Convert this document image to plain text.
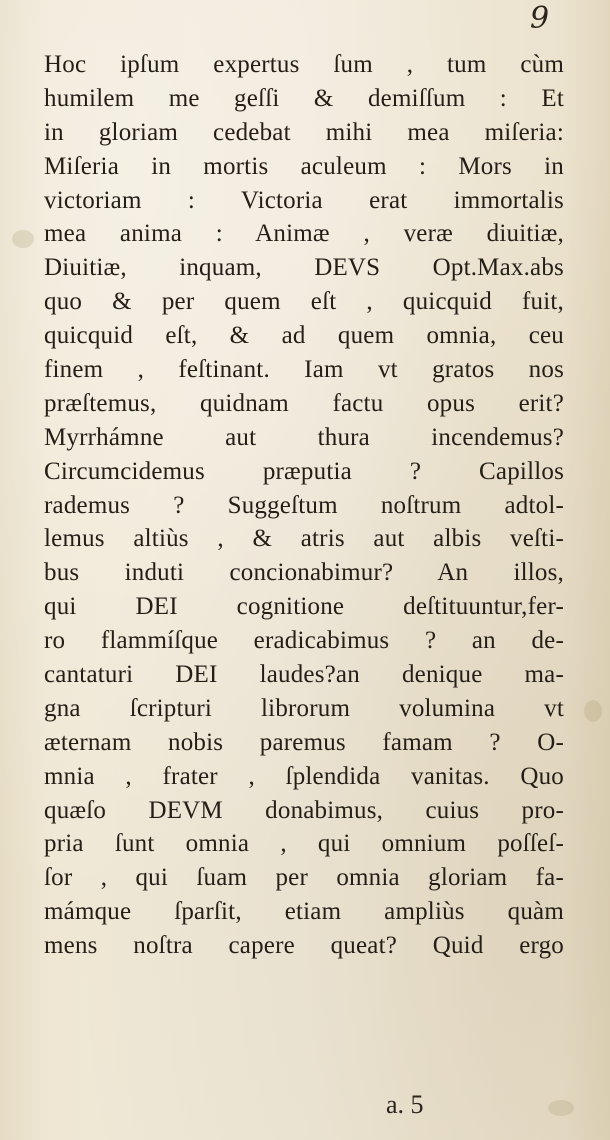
9
Hoc ipſum expertus ſum , tum cùm
humilem me geſſi & demiſſum : Et
in gloriam cedebat mihi mea miſeria:
Miſeria in mortis aculeum : Mors in
victoriam : Victoria erat immortalis
mea anima : Animæ , veræ diuitiæ,
Diuitiæ, inquam, DEVS Opt.Max.abs
quo & per quem eſt , quicquid fuit,
quicquid eſt, & ad quem omnia, ceu
finem , feſtinant. Iam vt gratos nos
præſtemus, quidnam factu opus erit?
Myrrhámne aut thura incendemus?
Circumcidemus præputia ? Capillos
rademus ? Suggeſtum noſtrum adtol-
lemus altiùs , & atris aut albis veſti-
bus induti concionabimur? An illos,
qui DEI cognitione deſtituuntur,fer-
ro flammíſque eradicabimus ? an de-
cantaturi DEI laudes?an denique ma-
gna ſcripturi librorum volumina vt
æternam nobis paremus famam ? O-
mnia , frater , ſplendida vanitas. Quo
quæſo DEVM donabimus, cuius pro-
pria ſunt omnia , qui omnium poſſeſ-
ſor , qui ſuam per omnia gloriam fa-
mámque ſparſit, etiam ampliùs quàm
mens noſtra capere queat? Quid ergo
a. 5
